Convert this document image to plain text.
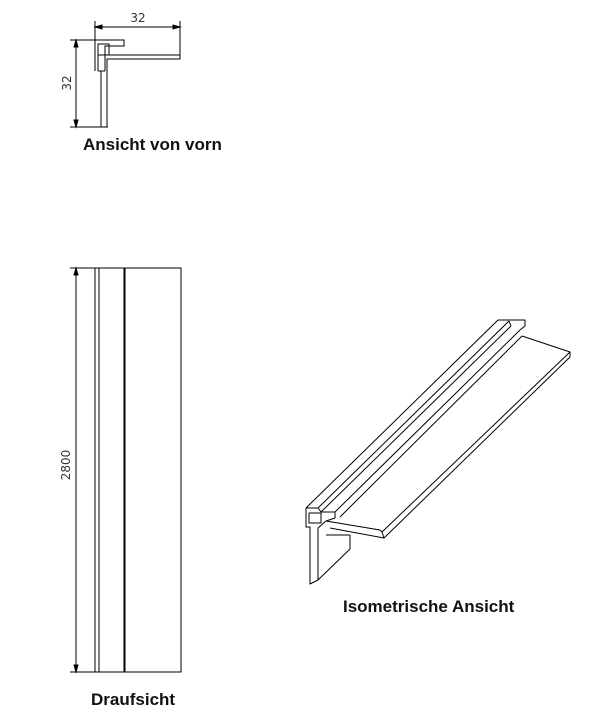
32
32
2800
Ansicht von vorn
Draufsicht
Isometrische Ansicht
